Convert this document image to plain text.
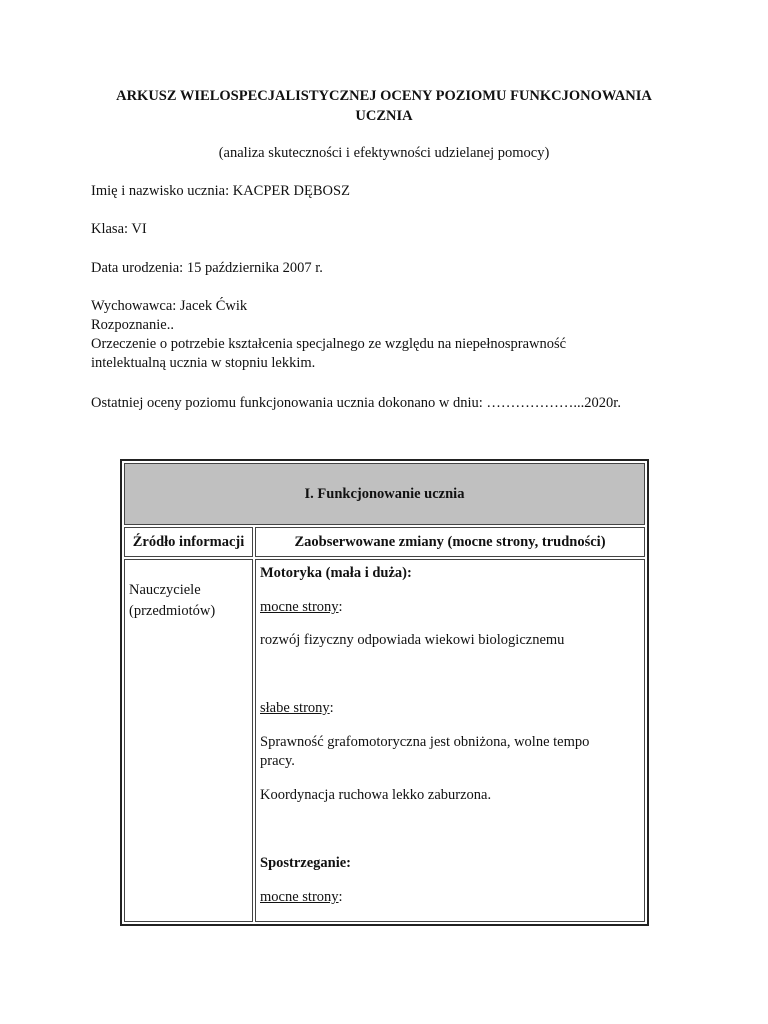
ARKUSZ WIELOSPECJALISTYCZNEJ OCENY POZIOMU FUNKCJONOWANIA UCZNIA
(analiza skuteczności i efektywności udzielanej pomocy)
Imię i nazwisko ucznia: KACPER DĘBOSZ
Klasa: VI
Data urodzenia: 15 października 2007 r.
Wychowawca: Jacek Ćwik
Rozpoznanie..
Orzeczenie o potrzebie kształcenia specjalnego ze względu na niepełnosprawność
intelektualną ucznia w stopniu lekkim.
Ostatniej oceny poziomu funkcjonowania ucznia dokonano w dniu: ………………...2020r.
I. Funkcjonowanie ucznia
Źródło informacji	Zaobserwowane zmiany (mocne strony, trudności)
Nauczyciele
(przedmiotów)
Motoryka (mała i duża):
mocne strony:
rozwój fizyczny odpowiada wiekowi biologicznemu
słabe strony:
Sprawność grafomotoryczna jest obniżona, wolne tempo pracy.
Koordynacja ruchowa lekko zaburzona.
Spostrzeganie:
mocne strony:
